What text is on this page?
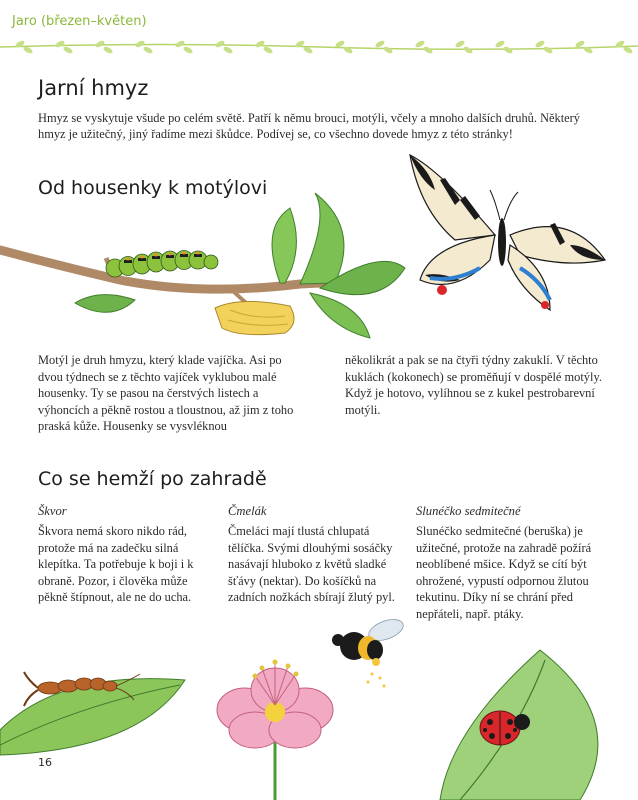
Jaro (březen–květen)
Jarní hmyz

Hmyz se vyskytuje všude po celém světě. Patří k němu brouci, motýli, včely a mnoho dalších druhů. Některý hmyz je užitečný, jiný řadíme mezi škůdce. Podívej se, co všechno dovede hmyz z této stránky!

Od housenky k motýlovi

Motýl je druh hmyzu, který klade vajíčka. Asi po dvou týdnech se z těchto vajíček vyklubou malé housenky. Ty se pasou na čerstvých listech a výhoncích a pěkně rostou a tloustnou, až jim z toho praská kůže. Housenky se vysvléknou

několikrát a pak se na čtyři týdny zakuklí. V těchto kuklách (kokonech) se proměňují v dospělé motýly. Když je hotovo, vylíhnou se z kukel pestrobarevní motýli.

Co se hemží po zahradě

Škvor

Škvora nemá skoro nikdo rád, protože má na zadečku silná klepítka. Ta potřebuje k boji i k obraně. Pozor, i člověka může pěkně štípnout, ale ne do ucha.

Čmelák

Čmeláci mají tlustá chlupatá tělíčka. Svými dlouhými sosáčky nasávají hluboko z květů sladké šťávy (nektar). Do košíčků na zadních nožkách sbírají žlutý pyl.

Slunéčko sedmitečné

Slunéčko sedmitečné (beruška) je užitečné, protože na zahradě požírá neoblíbené mšice. Když se cítí být ohrožené, vypustí odpornou žlutou tekutinu. Díky ní se chrání před nepřáteli, např. ptáky.

16
